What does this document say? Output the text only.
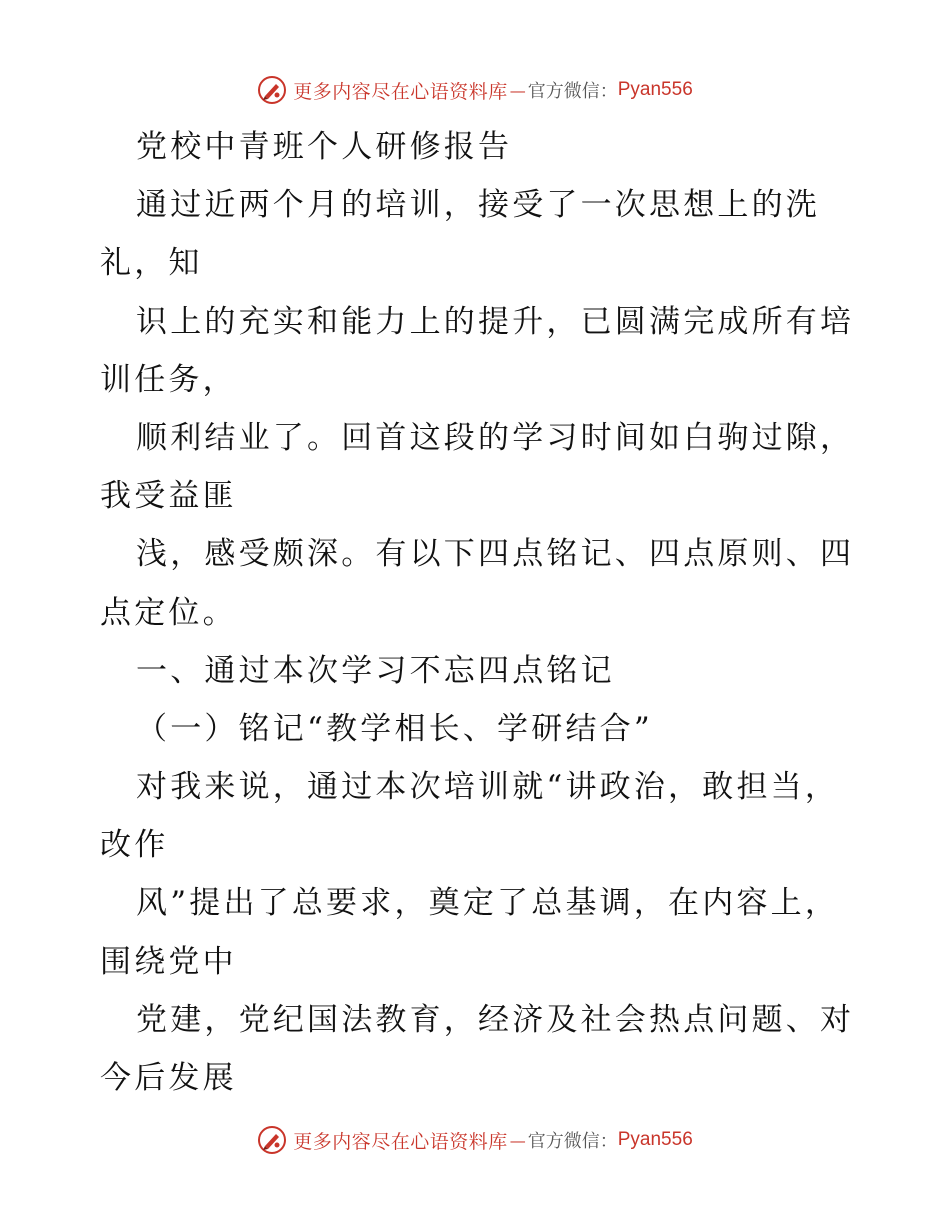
更多内容尽在心语资料库 — 官方微信： Pyan556
党校中青班个人研修报告
通过近两个月的培训，接受了一次思想上的洗
礼，知
识上的充实和能力上的提升，已圆满完成所有培
训任务，
顺利结业了。回首这段的学习时间如白驹过隙，
我受益匪
浅，感受颇深。有以下四点铭记、四点原则、四
点定位。
一、通过本次学习不忘四点铭记
（一）铭记“教学相长、学研结合”
对我来说，通过本次培训就“讲政治，敢担当，
改作
风”提出了总要求，奠定了总基调，在内容上，
围绕党中
党建，党纪国法教育，经济及社会热点问题、对
今后发展
更多内容尽在心语资料库 — 官方微信： Pyan556
